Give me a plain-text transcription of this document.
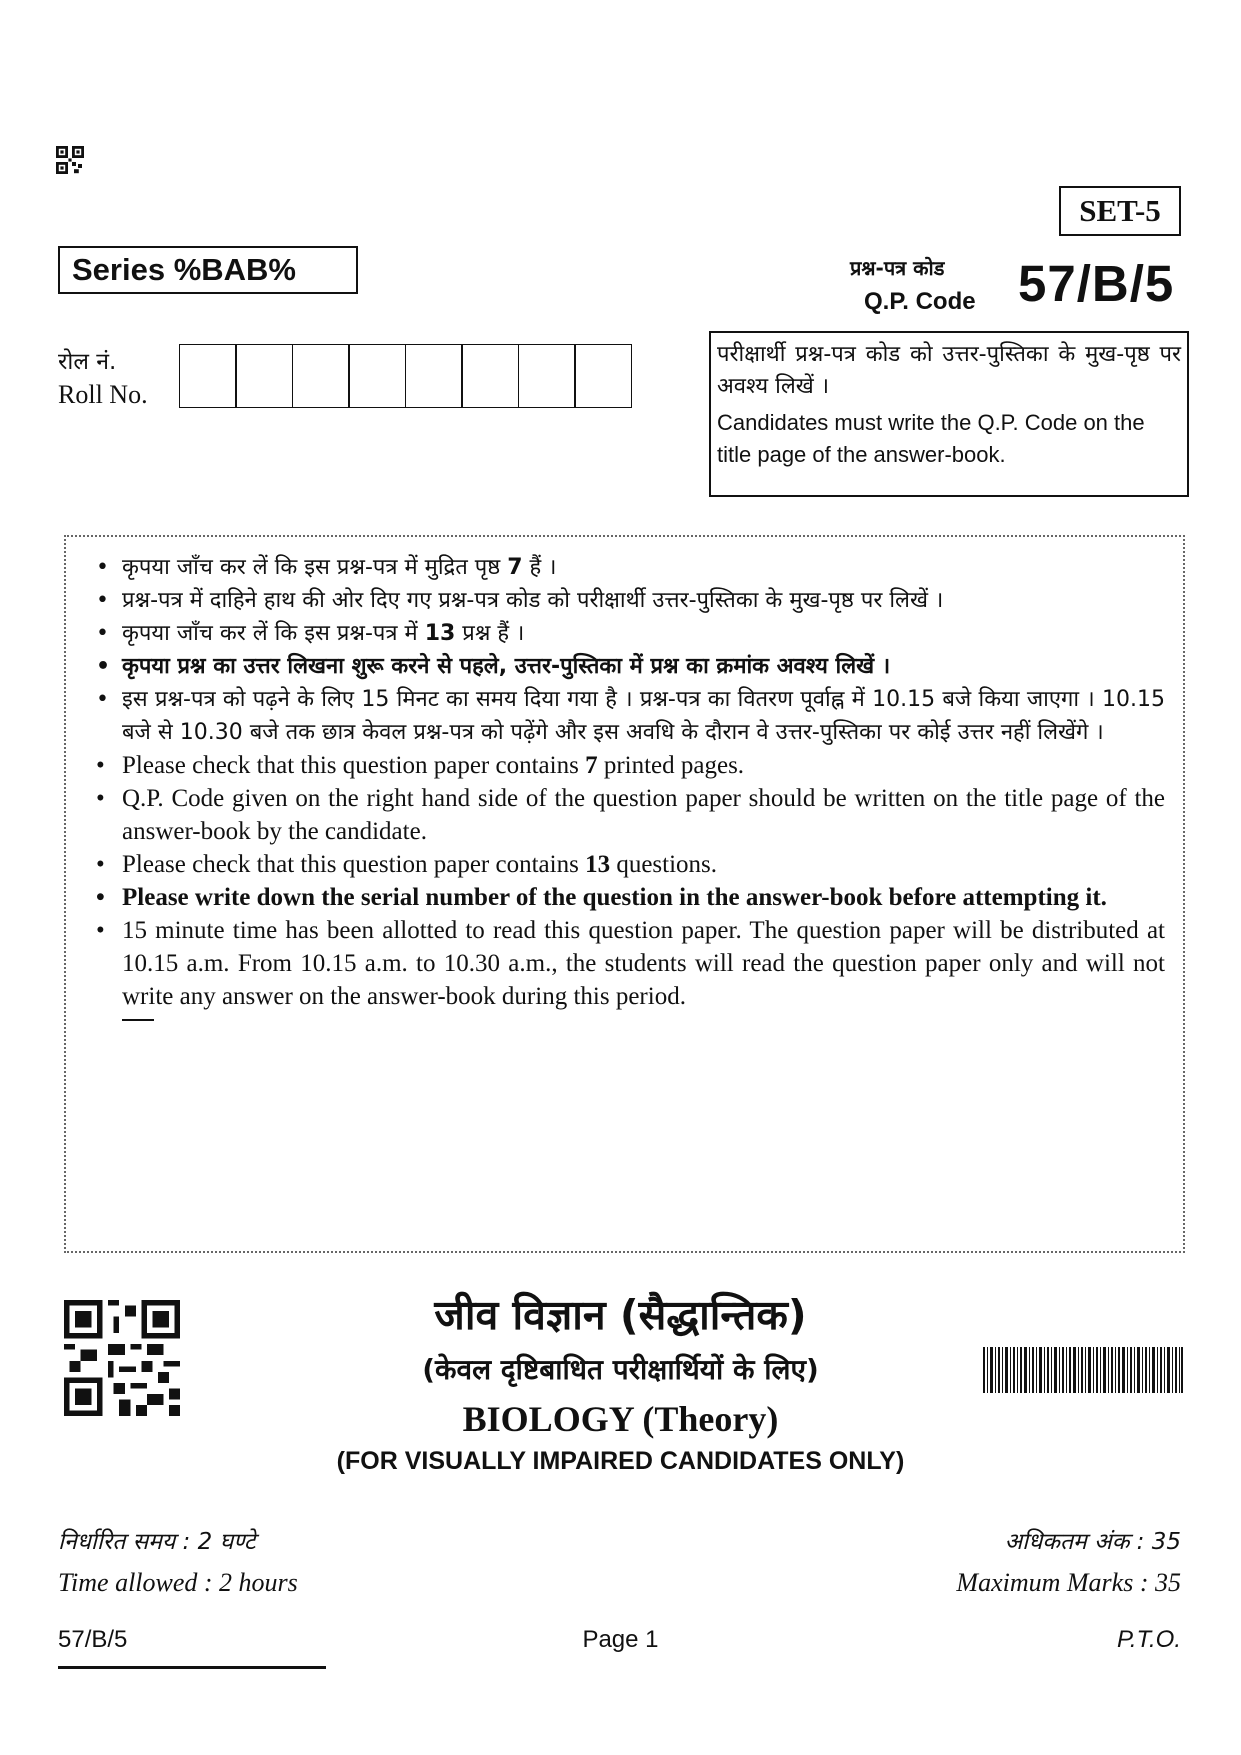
SET-5
Series %BAB%	प्रश्न-पत्र कोड
Q.P. Code 57/B/5
रोल नं.
Roll No.
परीक्षार्थी प्रश्न-पत्र कोड को उत्तर-पुस्तिका के मुख-पृष्ठ पर अवश्य लिखें ।
Candidates must write the Q.P. Code on the title page of the answer-book.
• कृपया जाँच कर लें कि इस प्रश्न-पत्र में मुद्रित पृष्ठ 7 हैं ।
• प्रश्न-पत्र में दाहिने हाथ की ओर दिए गए प्रश्न-पत्र कोड को परीक्षार्थी उत्तर-पुस्तिका के मुख-पृष्ठ पर लिखें ।
• कृपया जाँच कर लें कि इस प्रश्न-पत्र में 13 प्रश्न हैं ।
• कृपया प्रश्न का उत्तर लिखना शुरू करने से पहले, उत्तर-पुस्तिका में प्रश्न का क्रमांक अवश्य लिखें ।
• इस प्रश्न-पत्र को पढ़ने के लिए 15 मिनट का समय दिया गया है । प्रश्न-पत्र का वितरण पूर्वाह्न में 10.15 बजे किया जाएगा । 10.15 बजे से 10.30 बजे तक छात्र केवल प्रश्न-पत्र को पढ़ेंगे और इस अवधि के दौरान वे उत्तर-पुस्तिका पर कोई उत्तर नहीं लिखेंगे ।
• Please check that this question paper contains 7 printed pages.
• Q.P. Code given on the right hand side of the question paper should be written on the title page of the answer-book by the candidate.
• Please check that this question paper contains 13 questions.
• Please write down the serial number of the question in the answer-book before attempting it.
• 15 minute time has been allotted to read this question paper. The question paper will be distributed at 10.15 a.m. From 10.15 a.m. to 10.30 a.m., the students will read the question paper only and will not write any answer on the answer-book during this period.
जीव विज्ञान (सैद्धान्तिक)
(केवल दृष्टिबाधित परीक्षार्थियों के लिए)
BIOLOGY (Theory)
(FOR VISUALLY IMPAIRED CANDIDATES ONLY)
निर्धारित समय : 2 घण्टे
Time allowed : 2 hours
अधिकतम अंक : 35
Maximum Marks : 35
57/B/5	Page 1	P.T.O.
